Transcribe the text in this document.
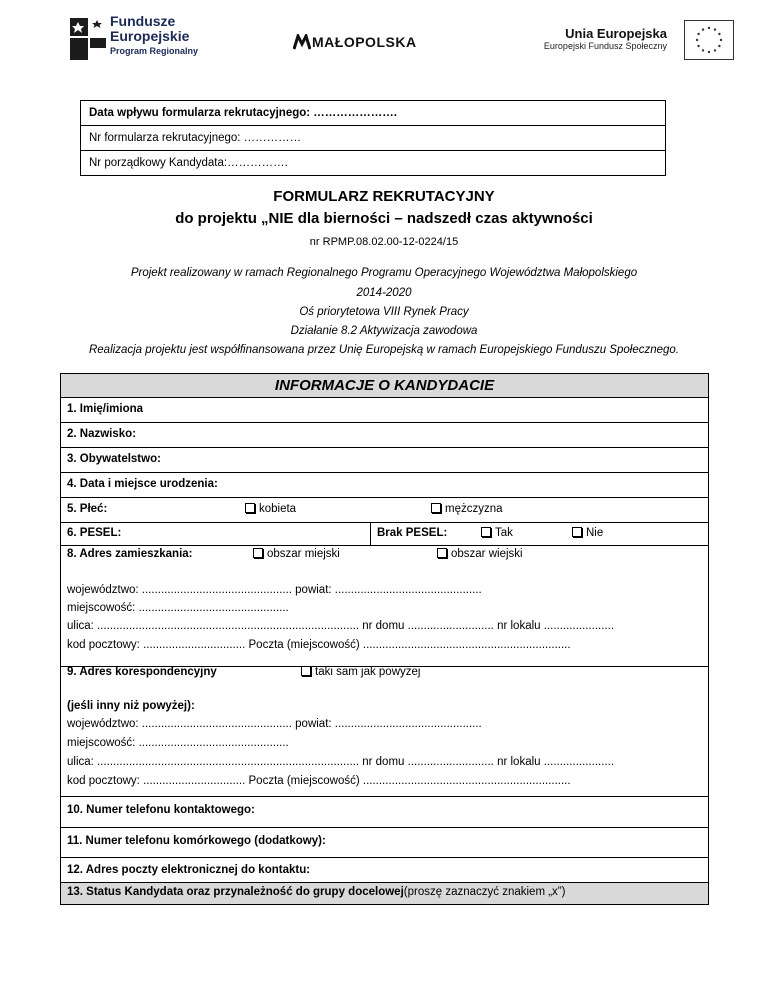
Fundusze
Europejskie
Program Regionalny
MAŁOPOLSKA
Unia Europejska
Europejski Fundusz Społeczny
Data wpływu formularza rekrutacyjnego: ………………….
Nr formularza rekrutacyjnego: ……………
Nr porządkowy Kandydata:…………….
FORMULARZ REKRUTACYJNY
do projektu „NIE dla bierności – nadszedł czas aktywności
nr RPMP.08.02.00-12-0224/15
Projekt realizowany w ramach Regionalnego Programu Operacyjnego Województwa Małopolskiego
2014-2020
Oś priorytetowa VIII Rynek Pracy
Działanie 8.2 Aktywizacja zawodowa
Realizacja projektu jest współfinansowana przez Unię Europejską w ramach Europejskiego Funduszu Społecznego.
INFORMACJE O KANDYDACIE
1. Imię/imiona
2. Nazwisko:
3. Obywatelstwo:
4. Data i miejsce urodzenia:
5. Płeć:	kobieta	mężczyzna
6. PESEL:	Brak PESEL:	Tak	Nie
8. Adres zamieszkania:	obszar miejski	obszar wiejski
województwo: ............................................... powiat: ..............................................
miejscowość: ...............................................
ulica: .................................................................................. nr domu ........................... nr lokalu ......................
kod pocztowy: ................................ Poczta (miejscowość) .................................................................
9. Adres korespondencyjny	taki sam jak powyżej
(jeśli inny niż powyżej):
województwo: ............................................... powiat: ..............................................
miejscowość: ...............................................
ulica: .................................................................................. nr domu ........................... nr lokalu ......................
kod pocztowy: ................................ Poczta (miejscowość) .................................................................
10. Numer telefonu kontaktowego:
11. Numer telefonu komórkowego (dodatkowy):
12. Adres poczty elektronicznej do kontaktu:
13. Status Kandydata oraz przynależność do grupy docelowej(proszę zaznaczyć znakiem „x”)
